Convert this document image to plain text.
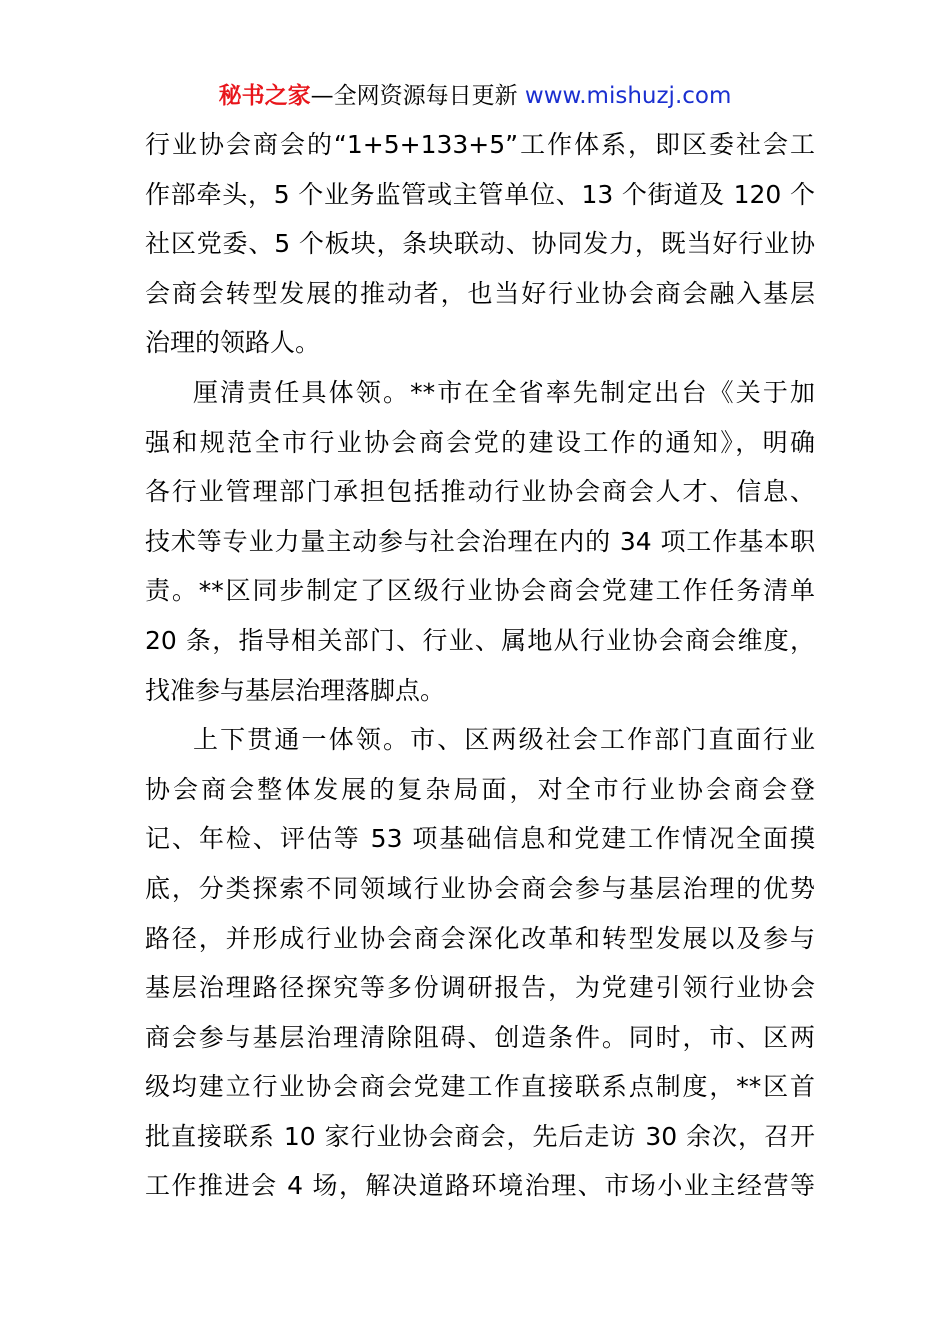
秘书之家—全网资源每日更新 www.mishuzj.com
行业协会商会的“1+5+133+5”工作体系，即区委社会工
作部牵头，5 个业务监管或主管单位、13 个街道及 120 个
社区党委、5 个板块，条块联动、协同发力，既当好行业协
会商会转型发展的推动者，也当好行业协会商会融入基层
治理的领路人。
厘清责任具体领。**市在全省率先制定出台《关于加
强和规范全市行业协会商会党的建设工作的通知》，明确
各行业管理部门承担包括推动行业协会商会人才、信息、
技术等专业力量主动参与社会治理在内的 34 项工作基本职
责。**区同步制定了区级行业协会商会党建工作任务清单
20 条，指导相关部门、行业、属地从行业协会商会维度，
找准参与基层治理落脚点。
上下贯通一体领。市、区两级社会工作部门直面行业
协会商会整体发展的复杂局面，对全市行业协会商会登
记、年检、评估等 53 项基础信息和党建工作情况全面摸
底，分类探索不同领域行业协会商会参与基层治理的优势
路径，并形成行业协会商会深化改革和转型发展以及参与
基层治理路径探究等多份调研报告，为党建引领行业协会
商会参与基层治理清除阻碍、创造条件。同时，市、区两
级均建立行业协会商会党建工作直接联系点制度，**区首
批直接联系 10 家行业协会商会，先后走访 30 余次，召开
工作推进会 4 场，解决道路环境治理、市场小业主经营等
